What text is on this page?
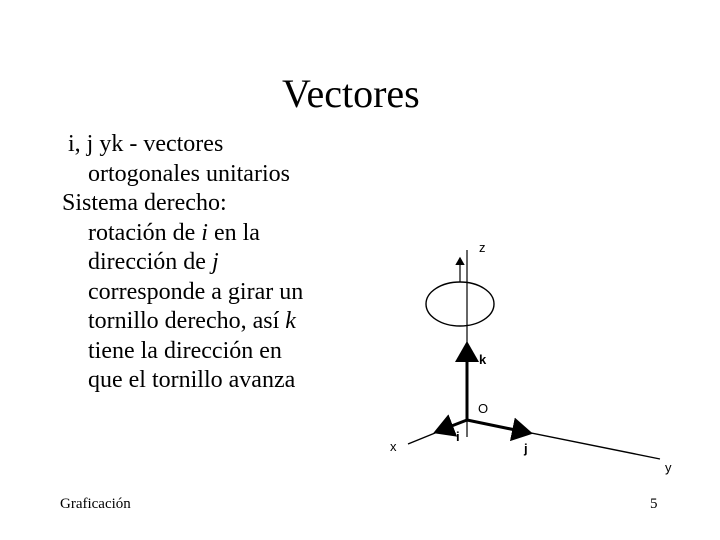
Vectores
i, j yk - vectores
ortogonales unitarios
Sistema derecho:
rotación de i en la
dirección de j
corresponde a girar un
tornillo derecho, así k
tiene la dirección en
que el tornillo avanza
z
k
O
i
j
x
y
Graficación	5
